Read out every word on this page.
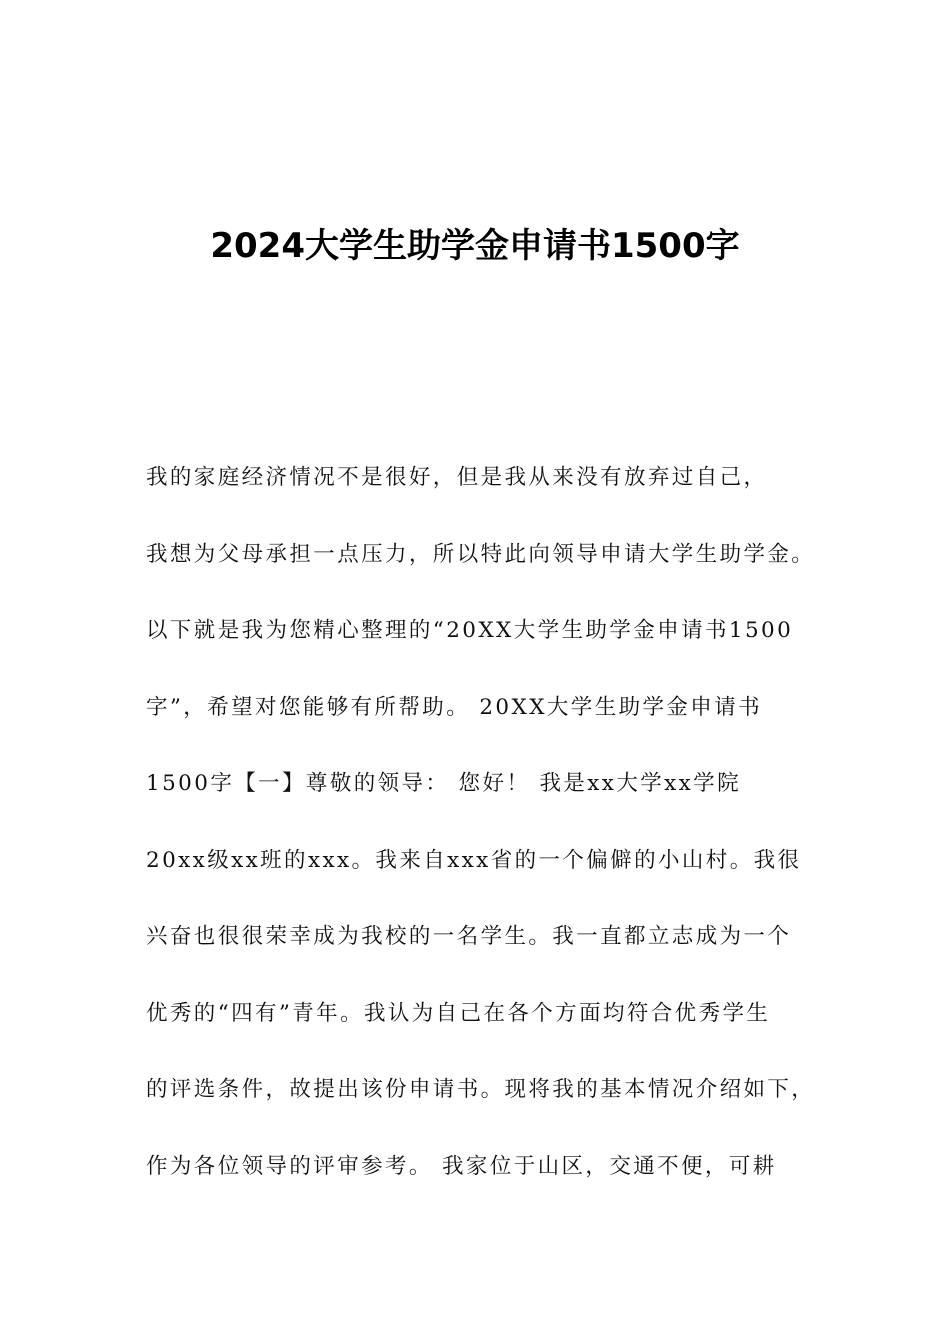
2024大学生助学金申请书1500字
我的家庭经济情况不是很好，但是我从来没有放弃过自己，
我想为父母承担一点压力，所以特此向领导申请大学生助学金。
以下就是我为您精心整理的“20XX大学生助学金申请书1500
字”，希望对您能够有所帮助。 20XX大学生助学金申请书
1500字【一】尊敬的领导： 您好！ 我是xx大学xx学院
20xx级xx班的xxx。我来自xxx省的一个偏僻的小山村。我很
兴奋也很很荣幸成为我校的一名学生。我一直都立志成为一个
优秀的“四有”青年。我认为自己在各个方面均符合优秀学生
的评选条件，故提出该份申请书。现将我的基本情况介绍如下，
作为各位领导的评审参考。 我家位于山区，交通不便，可耕
